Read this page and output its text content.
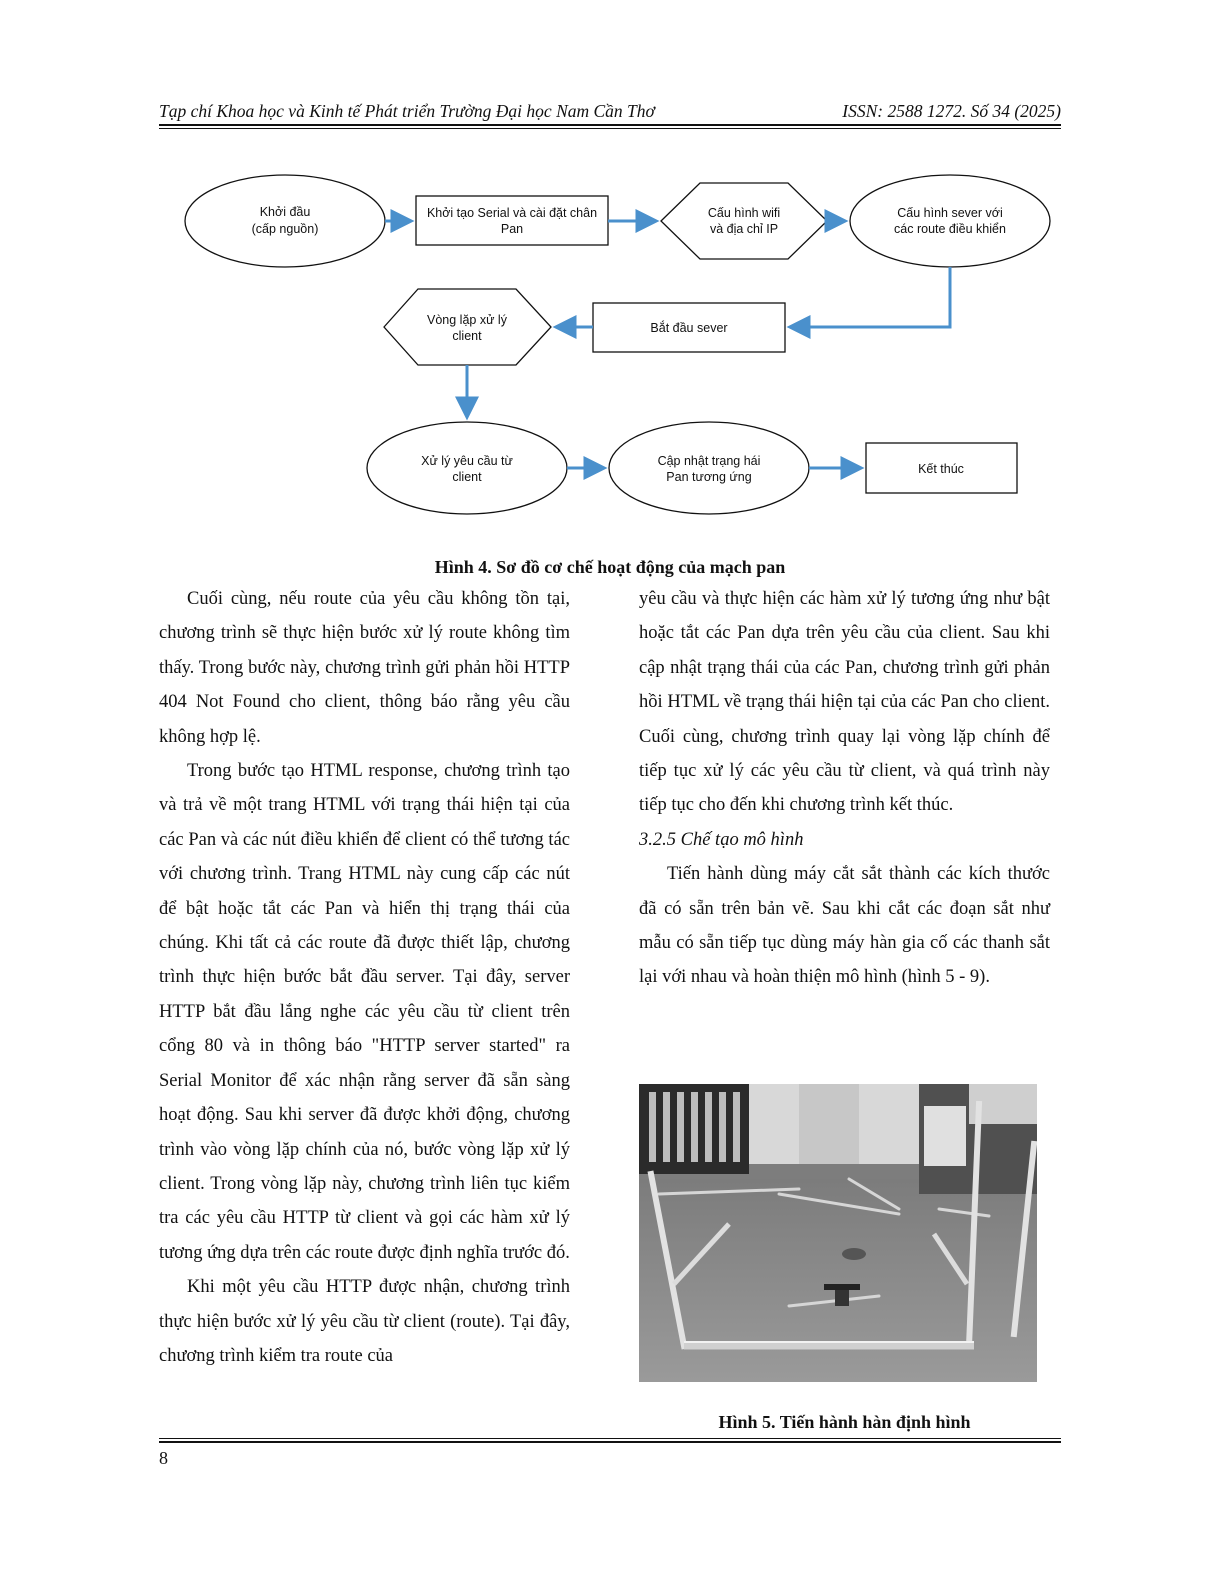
Tạp chí Khoa học và Kinh tế Phát triển Trường Đại học Nam Cần Thơ	ISSN: 2588 1272. Số 34 (2025)
Khởi đầu
(cấp nguồn)
Khởi tạo Serial và cài đặt chân
Pan
Cấu hình wifi
và địa chỉ IP
Cấu hình sever với
các route điều khiển
Vòng lặp xử lý
client
Bắt đầu sever
Xử lý yêu cầu từ
client
Cập nhật trạng hái
Pan tương ứng
Kết thúc
Hình 4. Sơ đồ cơ chế hoạt động của mạch pan

Cuối cùng, nếu route của yêu cầu không tồn tại, chương trình sẽ thực hiện bước xử lý route không tìm thấy. Trong bước này, chương trình gửi phản hồi HTTP 404 Not Found cho client, thông báo rằng yêu cầu không hợp lệ.

Trong bước tạo HTML response, chương trình tạo và trả về một trang HTML với trạng thái hiện tại của các Pan và các nút điều khiển để client có thể tương tác với chương trình. Trang HTML này cung cấp các nút để bật hoặc tắt các Pan và hiển thị trạng thái của chúng. Khi tất cả các route đã được thiết lập, chương trình thực hiện bước bắt đầu server. Tại đây, server HTTP bắt đầu lắng nghe các yêu cầu từ client trên cổng 80 và in thông báo "HTTP server started" ra Serial Monitor để xác nhận rằng server đã sẵn sàng hoạt động. Sau khi server đã được khởi động, chương trình vào vòng lặp chính của nó, bước vòng lặp xử lý client. Trong vòng lặp này, chương trình liên tục kiểm tra các yêu cầu HTTP từ client và gọi các hàm xử lý tương ứng dựa trên các route được định nghĩa trước đó.

Khi một yêu cầu HTTP được nhận, chương trình thực hiện bước xử lý yêu cầu từ client (route). Tại đây, chương trình kiểm tra route của

yêu cầu và thực hiện các hàm xử lý tương ứng như bật hoặc tắt các Pan dựa trên yêu cầu của client. Sau khi cập nhật trạng thái của các Pan, chương trình gửi phản hồi HTML về trạng thái hiện tại của các Pan cho client. Cuối cùng, chương trình quay lại vòng lặp chính để tiếp tục xử lý các yêu cầu từ client, và quá trình này tiếp tục cho đến khi chương trình kết thúc.

3.2.5 Chế tạo mô hình

Tiến hành dùng máy cắt sắt thành các kích thước đã có sẵn trên bản vẽ. Sau khi cắt các đoạn sắt như mẫu có sẵn tiếp tục dùng máy hàn gia cố các thanh sắt lại với nhau và hoàn thiện mô hình (hình 5 - 9).

Hình 5. Tiến hành hàn định hình
8
